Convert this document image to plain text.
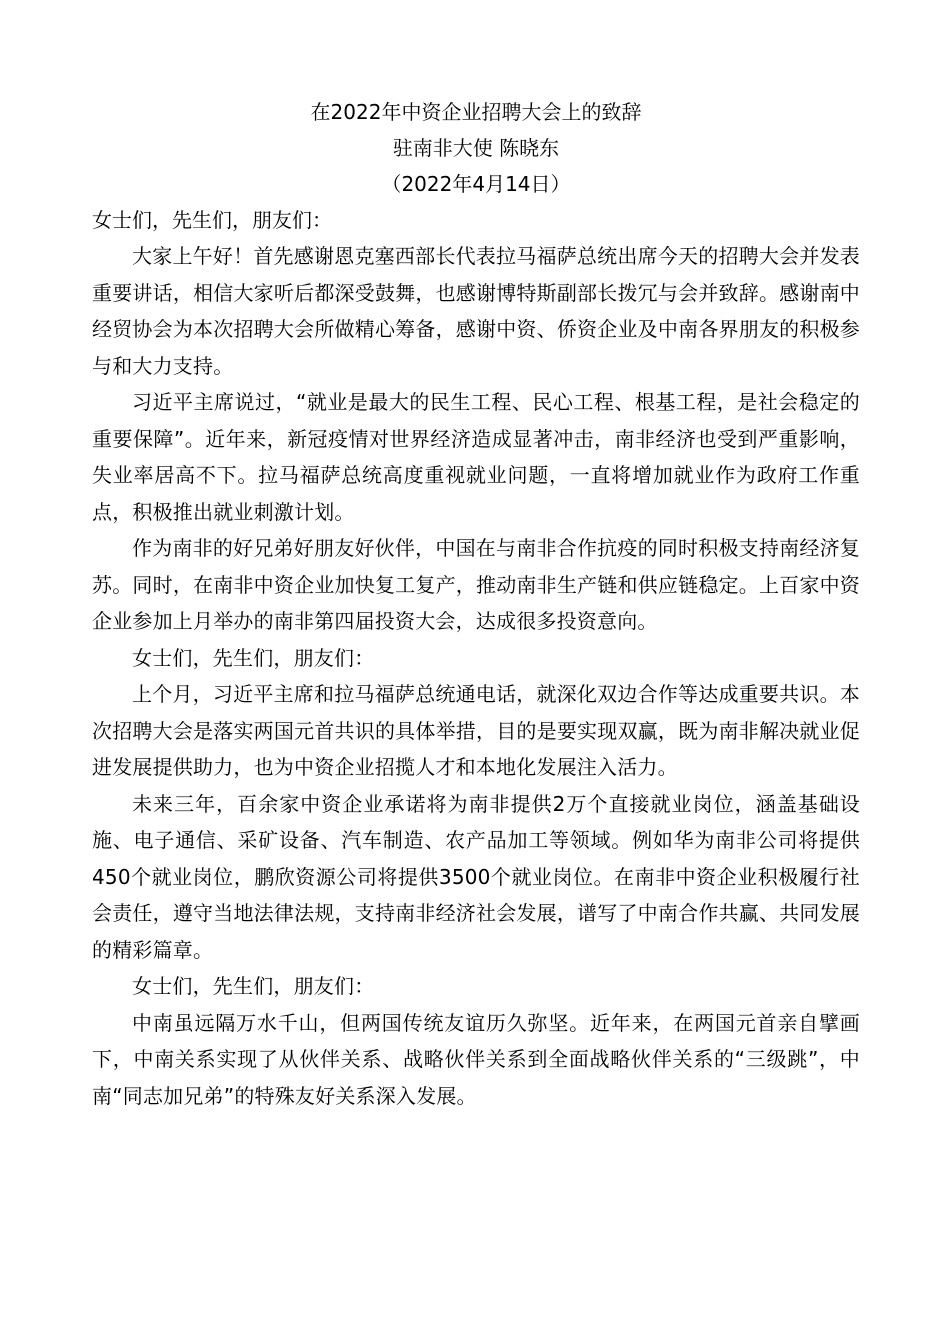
在2022年中资企业招聘大会上的致辞

驻南非大使 陈晓东

（2022年4月14日）

女士们，先生们，朋友们：

大家上午好！首先感谢恩克塞西部长代表拉马福萨总统出席今天的招聘大会并发表重要讲话，相信大家听后都深受鼓舞，也感谢博特斯副部长拨冗与会并致辞。感谢南中经贸协会为本次招聘大会所做精心筹备，感谢中资、侨资企业及中南各界朋友的积极参与和大力支持。

习近平主席说过，“就业是最大的民生工程、民心工程、根基工程，是社会稳定的重要保障”。近年来，新冠疫情对世界经济造成显著冲击，南非经济也受到严重影响，失业率居高不下。拉马福萨总统高度重视就业问题，一直将增加就业作为政府工作重点，积极推出就业刺激计划。

作为南非的好兄弟好朋友好伙伴，中国在与南非合作抗疫的同时积极支持南经济复苏。同时，在南非中资企业加快复工复产，推动南非生产链和供应链稳定。上百家中资企业参加上月举办的南非第四届投资大会，达成很多投资意向。

女士们，先生们，朋友们：

上个月，习近平主席和拉马福萨总统通电话，就深化双边合作等达成重要共识。本次招聘大会是落实两国元首共识的具体举措，目的是要实现双赢，既为南非解决就业促进发展提供助力，也为中资企业招揽人才和本地化发展注入活力。

未来三年，百余家中资企业承诺将为南非提供2万个直接就业岗位，涵盖基础设施、电子通信、采矿设备、汽车制造、农产品加工等领域。例如华为南非公司将提供450个就业岗位，鹏欣资源公司将提供3500个就业岗位。在南非中资企业积极履行社会责任，遵守当地法律法规，支持南非经济社会发展，谱写了中南合作共赢、共同发展的精彩篇章。

女士们，先生们，朋友们：

中南虽远隔万水千山，但两国传统友谊历久弥坚。近年来，在两国元首亲自擘画下，中南关系实现了从伙伴关系、战略伙伴关系到全面战略伙伴关系的“三级跳”，中南“同志加兄弟”的特殊友好关系深入发展。
